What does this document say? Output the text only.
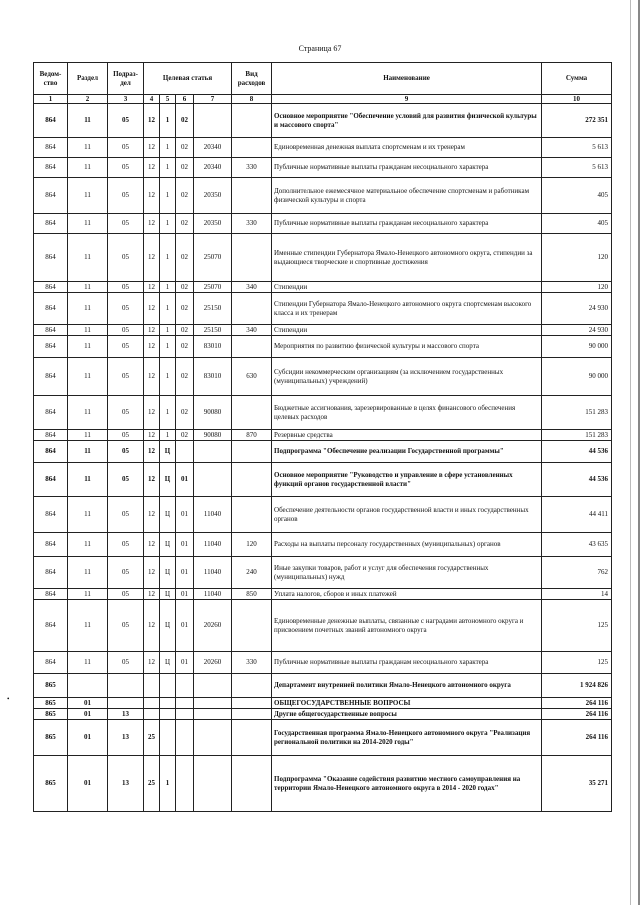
•
Страница 67
Ведом-ство	Раздел	Подраз-дел	Целевая статья				Вид расходов	Наименование	Сумма
1	2	3	4	5	6	7	8	9	10
864	11	05	12	1	02			Основное мероприятие "Обеспечение условий для развития физической культуры и массового спорта"	272 351
864	11	05	12	1	02	20340		Единовременная денежная выплата спортсменам и их тренерам	5 613
864	11	05	12	1	02	20340	330	Публичные нормативные выплаты гражданам несоциального характера	5 613
864	11	05	12	1	02	20350		Дополнительное ежемесячное материальное обеспечение спортсменам и работникам физической культуры и спорта	405
864	11	05	12	1	02	20350	330	Публичные нормативные выплаты гражданам несоциального характера	405
864	11	05	12	1	02	25070		Именные стипендии Губернатора Ямало-Ненецкого автономного округа, стипендии за выдающиеся творческие и спортивные достижения	120
864	11	05	12	1	02	25070	340	Стипендии	120
864	11	05	12	1	02	25150		Стипендии Губернатора Ямало-Ненецкого автономного округа спортсменам высокого класса и их тренерам	24 930
864	11	05	12	1	02	25150	340	Стипендии	24 930
864	11	05	12	1	02	83010		Мероприятия по развитию физической культуры и массового спорта	90 000
864	11	05	12	1	02	83010	630	Субсидии некоммерческим организациям (за исключением государственных (муниципальных) учреждений)	90 000
864	11	05	12	1	02	90080		Бюджетные ассигнования, зарезервированные в целях финансового обеспечения целевых расходов	151 283
864	11	05	12	1	02	90080	870	Резервные средства	151 283
864	11	05	12	Ц				Подпрограмма "Обеспечение реализации Государственной программы"	44 536
864	11	05	12	Ц	01			Основное мероприятие "Руководство и управление в сфере установленных функций органов государственной власти"	44 536
864	11	05	12	Ц	01	11040		Обеспечение деятельности органов государственной власти и иных государственных органов	44 411
864	11	05	12	Ц	01	11040	120	Расходы на выплаты персоналу государственных (муниципальных) органов	43 635
864	11	05	12	Ц	01	11040	240	Иные закупки товаров, работ и услуг для обеспечения государственных (муниципальных) нужд	762
864	11	05	12	Ц	01	11040	850	Уплата налогов, сборов и иных платежей	14
864	11	05	12	Ц	01	20260		Единовременные денежные выплаты, связанные с наградами автономного округа и присвоением почетных званий автономного округа	125
864	11	05	12	Ц	01	20260	330	Публичные нормативные выплаты гражданам несоциального характера	125
865								Департамент внутренней политики Ямало-Ненецкого автономного округа	1 924 826
865	01							ОБЩЕГОСУДАРСТВЕННЫЕ ВОПРОСЫ	264 116
865	01	13						Другие общегосударственные вопросы	264 116
865	01	13	25					Государственная программа Ямало-Ненецкого автономного округа "Реализация региональной политики на 2014-2020 годы"	264 116
865	01	13	25	1				Подпрограмма "Оказание содействия развитию местного самоуправления на территории Ямало-Ненецкого автономного округа в 2014 - 2020 годах"	35 271
